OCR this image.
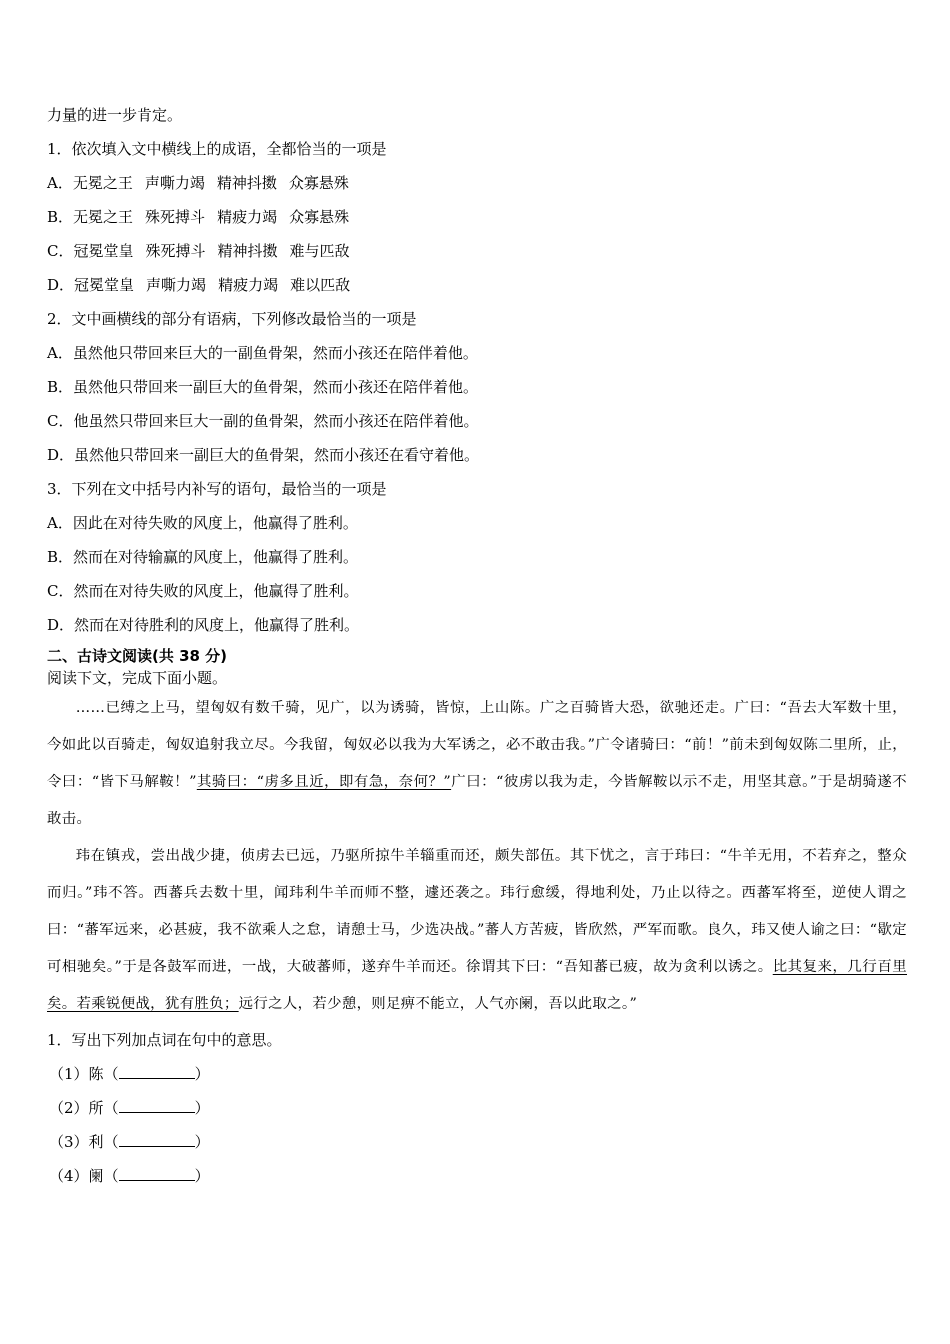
力量的进一步肯定。
1．依次填入文中横线上的成语，全都恰当的一项是
A．无冕之王 声嘶力竭 精神抖擞 众寡悬殊
B．无冕之王 殊死搏斗 精疲力竭 众寡悬殊
C．冠冕堂皇 殊死搏斗 精神抖擞 难与匹敌
D．冠冕堂皇 声嘶力竭 精疲力竭 难以匹敌
2．文中画横线的部分有语病，下列修改最恰当的一项是
A．虽然他只带回来巨大的一副鱼骨架，然而小孩还在陪伴着他。
B．虽然他只带回来一副巨大的鱼骨架，然而小孩还在陪伴着他。
C．他虽然只带回来巨大一副的鱼骨架，然而小孩还在陪伴着他。
D．虽然他只带回来一副巨大的鱼骨架，然而小孩还在看守着他。
3．下列在文中括号内补写的语句，最恰当的一项是
A．因此在对待失败的风度上，他赢得了胜利。
B．然而在对待输赢的风度上，他赢得了胜利。
C．然而在对待失败的风度上，他赢得了胜利。
D．然而在对待胜利的风度上，他赢得了胜利。
二、古诗文阅读(共 38 分)
阅读下文，完成下面小题。

……已缚之上马，望匈奴有数千骑，见广，以为诱骑，皆惊，上山陈。广之百骑皆大恐，欲驰还走。广曰：“吾去大军数十里，今如此以百骑走，匈奴追射我立尽。今我留，匈奴必以我为大军诱之，必不敢击我。”广令诸骑曰：“前！”前未到匈奴陈二里所，止，令曰：“皆下马解鞍！”其骑曰：“虏多且近，即有急，奈何？”广曰：“彼虏以我为走，今皆解鞍以示不走，用坚其意。”于是胡骑遂不敢击。

玮在镇戎，尝出战少捷，侦虏去已远，乃驱所掠牛羊辎重而还，颇失部伍。其下忧之，言于玮曰：“牛羊无用，不若弃之，整众而归。”玮不答。西蕃兵去数十里，闻玮利牛羊而师不整，遽还袭之。玮行愈缓，得地利处，乃止以待之。西蕃军将至，逆使人谓之曰：“蕃军远来，必甚疲，我不欲乘人之怠，请憩士马，少选决战。”蕃人方苦疲，皆欣然，严军而歌。良久，玮又使人谕之曰：“歇定可相驰矣。”于是各鼓军而进，一战，大破蕃师，遂弃牛羊而还。徐谓其下曰：“吾知蕃已疲，故为贪利以诱之。比其复来，几行百里矣。若乘锐便战，犹有胜负；远行之人，若少憩，则足痹不能立，人气亦阑，吾以此取之。”

1．写出下列加点词在句中的意思。
（1）陈（	）
（2）所（	）
（3）利（	）
（4）阑（	）
